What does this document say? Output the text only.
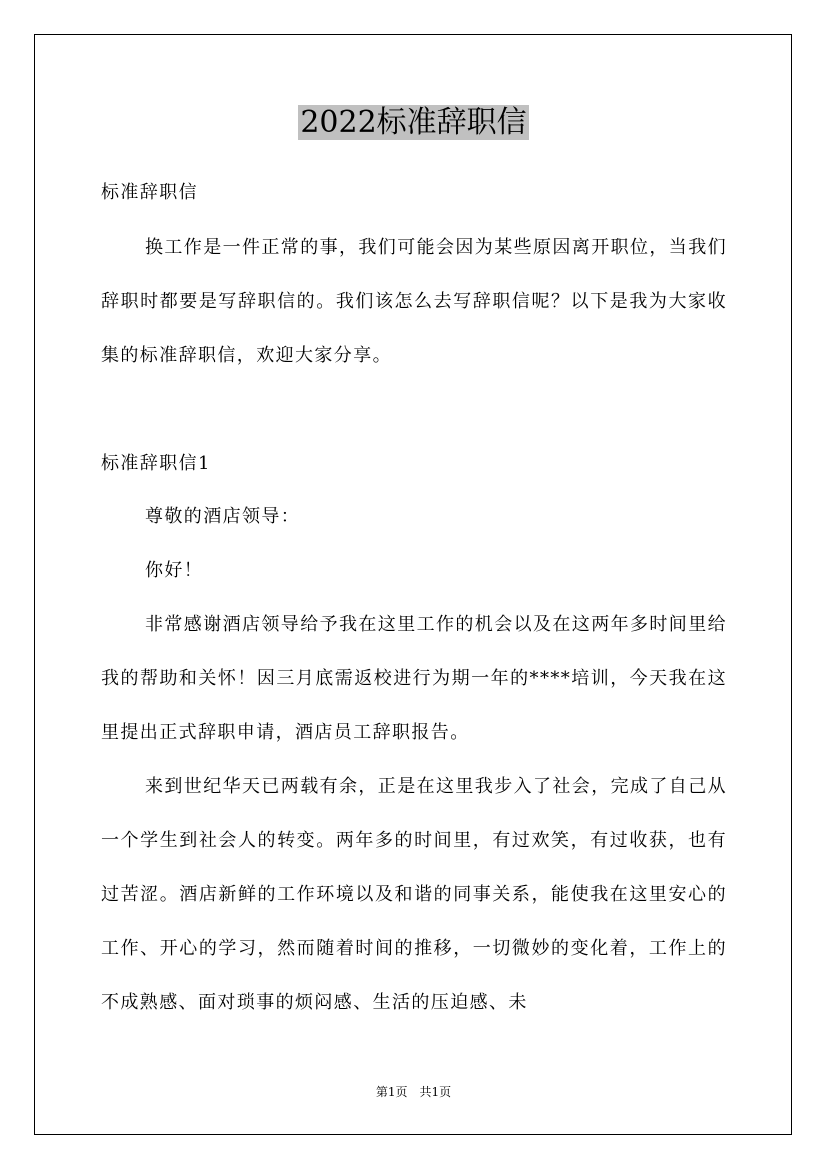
2022标准辞职信
标准辞职信

换工作是一件正常的事，我们可能会因为某些原因离开职位，当我们辞职时都要是写辞职信的。我们该怎么去写辞职信呢？以下是我为大家收集的标准辞职信，欢迎大家分享。

标准辞职信1

尊敬的酒店领导：

你好！

非常感谢酒店领导给予我在这里工作的机会以及在这两年多时间里给我的帮助和关怀！因三月底需返校进行为期一年的****培训，今天我在这里提出正式辞职申请，酒店员工辞职报告。

来到世纪华天已两载有余，正是在这里我步入了社会，完成了自己从一个学生到社会人的转变。两年多的时间里，有过欢笑，有过收获，也有过苦涩。酒店新鲜的工作环境以及和谐的同事关系，能使我在这里安心的工作、开心的学习，然而随着时间的推移，一切微妙的变化着，工作上的不成熟感、面对琐事的烦闷感、生活的压迫感、未

第1页　共1页
